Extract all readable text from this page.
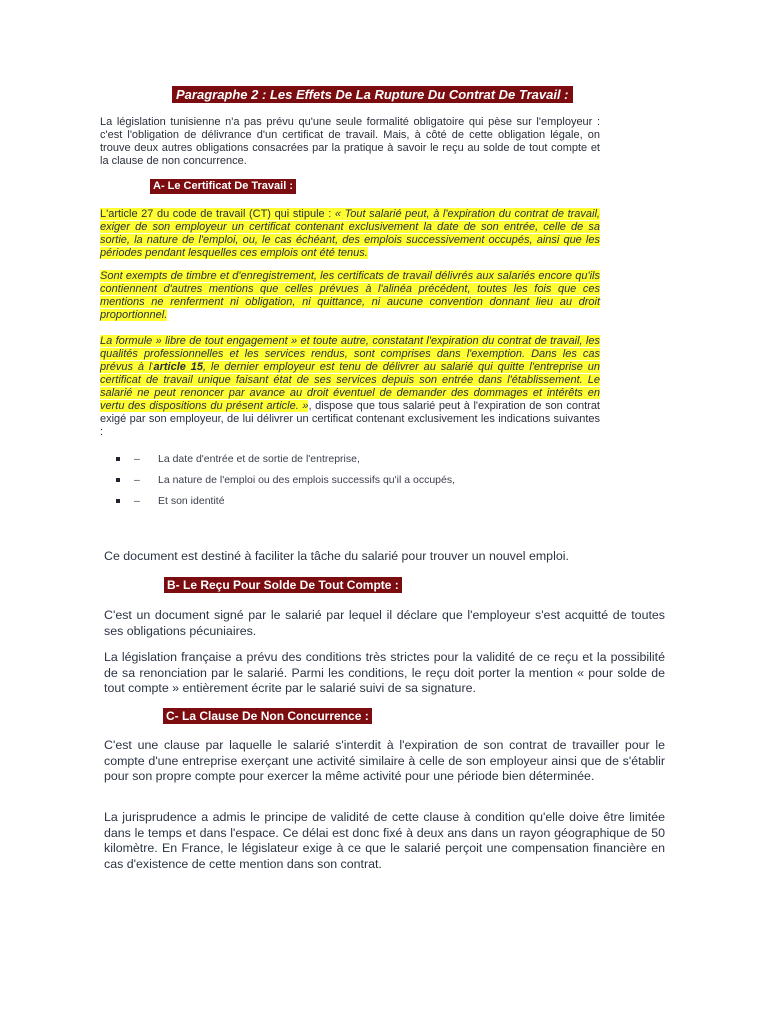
Paragraphe 2 : Les Effets De La Rupture Du Contrat De Travail :

La législation tunisienne n'a pas prévu qu'une seule formalité obligatoire qui pèse sur l'employeur : c'est l'obligation de délivrance d'un certificat de travail. Mais, à côté de cette obligation légale, on trouve deux autres obligations consacrées par la pratique à savoir le reçu au solde de tout compte et la clause de non concurrence.

A- Le Certificat De Travail :

L'article 27 du code de travail (CT) qui stipule : « Tout salarié peut, à l'expiration du contrat de travail, exiger de son employeur un certificat contenant exclusivement la date de son entrée, celle de sa sortie, la nature de l'emploi, ou, le cas échéant, des emplois successivement occupés, ainsi que les périodes pendant lesquelles ces emplois ont été tenus.

Sont exempts de timbre et d'enregistrement, les certificats de travail délivrés aux salariés encore qu'ils contiennent d'autres mentions que celles prévues à l'alinéa précédent, toutes les fois que ces mentions ne renferment ni obligation, ni quittance, ni aucune convention donnant lieu au droit proportionnel.

La formule » libre de tout engagement » et toute autre, constatant l'expiration du contrat de travail, les qualités professionnelles et les services rendus, sont comprises dans l'exemption. Dans les cas prévus à l'article 15, le dernier employeur est tenu de délivrer au salarié qui quitte l'entreprise un certificat de travail unique faisant état de ses services depuis son entrée dans l'établissement. Le salarié ne peut renoncer par avance au droit éventuel de demander des dommages et intérêts en vertu des dispositions du présent article. », dispose que tous salarié peut à l'expiration de son contrat exigé par son employeur, de lui délivrer un certificat contenant exclusivement les indications suivantes :

– La date d'entrée et de sortie de l'entreprise,
– La nature de l'emploi ou des emplois successifs qu'il a occupés,
– Et son identité

Ce document est destiné à faciliter la tâche du salarié pour trouver un nouvel emploi.

B- Le Reçu Pour Solde De Tout Compte :

C'est un document signé par le salarié par lequel il déclare que l'employeur s'est acquitté de toutes ses obligations pécuniaires.

La législation française a prévu des conditions très strictes pour la validité de ce reçu et la possibilité de sa renonciation par le salarié. Parmi les conditions, le reçu doit porter la mention « pour solde de tout compte » entièrement écrite par le salarié suivi de sa signature.

C- La Clause De Non Concurrence :

C'est une clause par laquelle le salarié s'interdit à l'expiration de son contrat de travailler pour le compte d'une entreprise exerçant une activité similaire à celle de son employeur ainsi que de s'établir pour son propre compte pour exercer la même activité pour une période bien déterminée.

La jurisprudence a admis le principe de validité de cette clause à condition qu'elle doive être limitée dans le temps et dans l'espace. Ce délai est donc fixé à deux ans dans un rayon géographique de 50 kilomètre. En France, le législateur exige à ce que le salarié perçoit une compensation financière en cas d'existence de cette mention dans son contrat.
